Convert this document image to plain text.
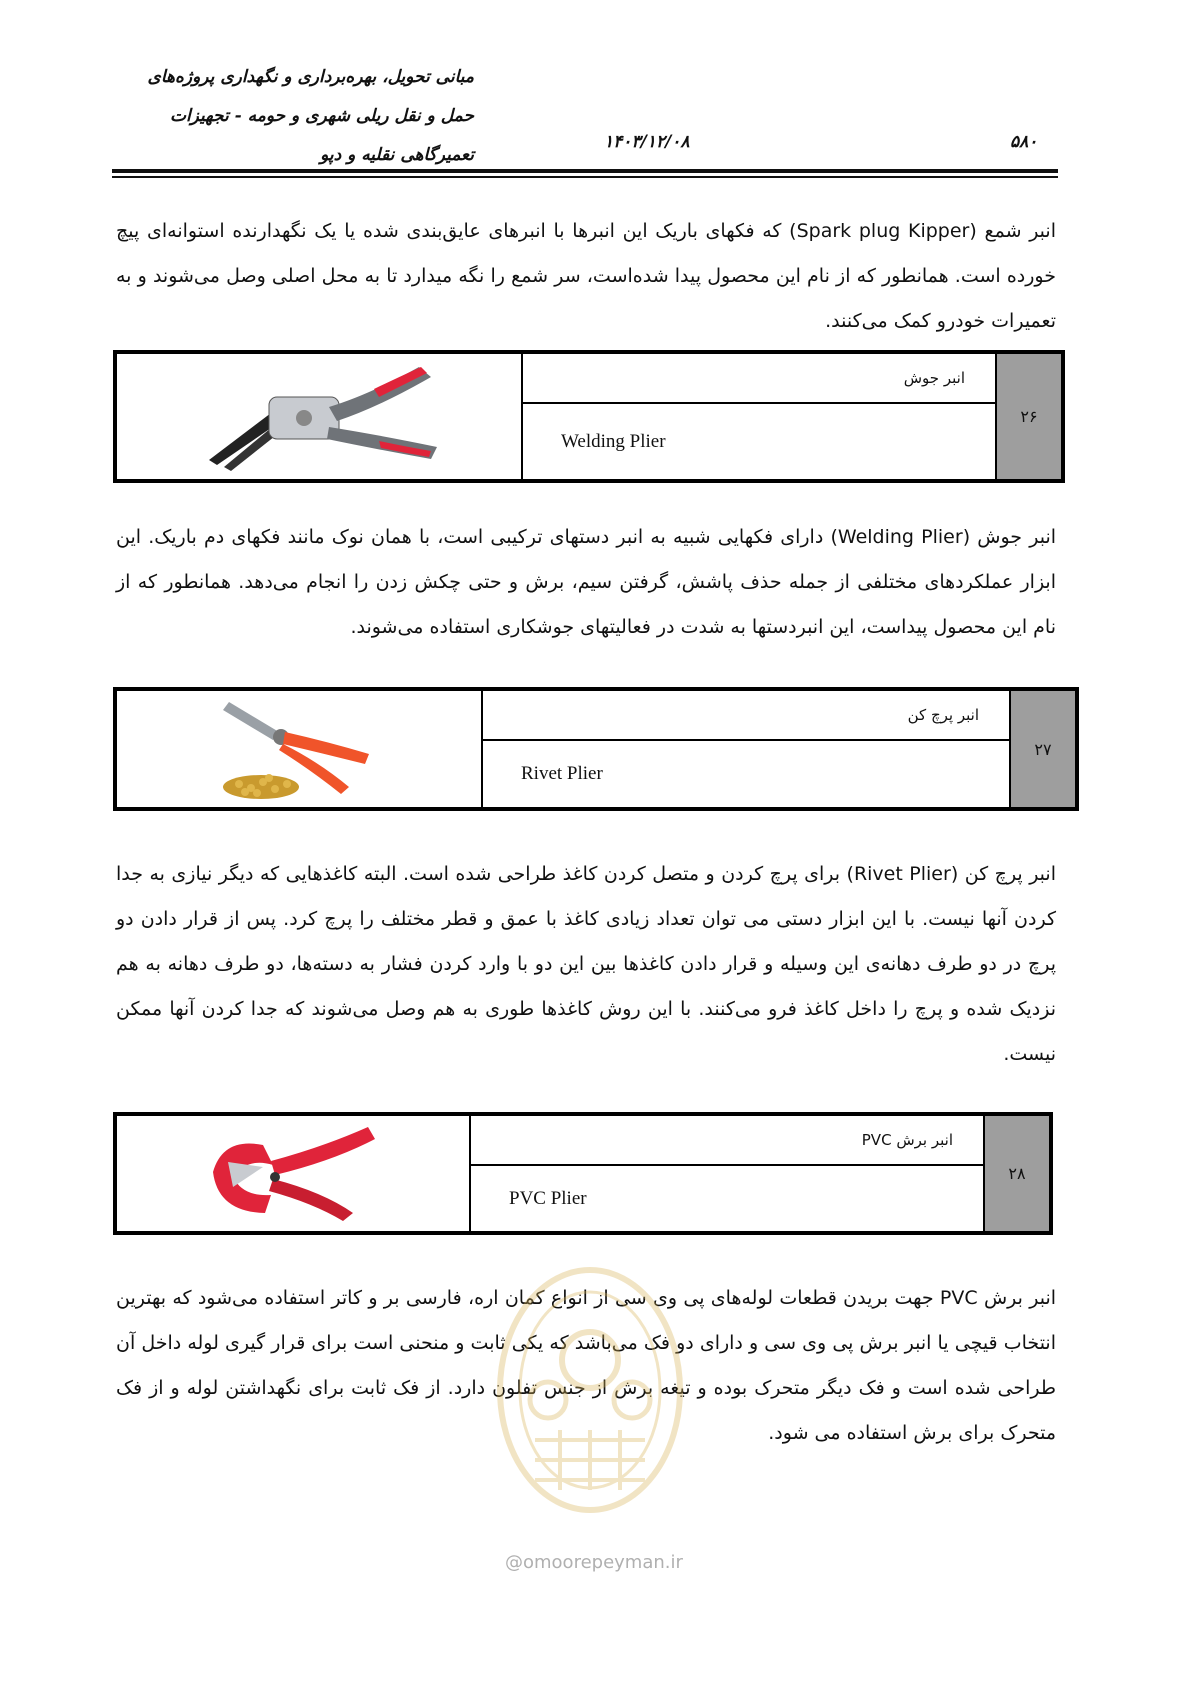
مبانی تحویل، بهره‌برداری و نگهداری پروژه‌های
حمل و نقل ریلی شهری و حومه - تجهیزات
تعمیرگاهی نقلیه و دپو
۱۴۰۳/۱۲/۰۸	۵۸۰

انبر شمع (Spark plug Kipper) که فکهای باریک این انبرها با انبرهای عایق‌بندی شده یا یک نگهدارنده استوانه‌ای پیچ خورده است. همانطور که از نام این محصول پیدا شده‌است، سر شمع را نگه میدارد تا به محل اصلی وصل می‌شوند و به تعمیرات خودرو کمک می‌کنند.

	انبر جوش	۲۶
Welding Plier

انبر جوش (Welding Plier) دارای فکهایی شبیه به انبر دستهای ترکیبی است، با همان نوک مانند فکهای دم باریک. این ابزار عملکردهای مختلفی از جمله حذف پاشش، گرفتن سیم، برش و حتی چکش زدن را انجام می‌دهد. همانطور که از نام این محصول پیداست، این انبردستها به شدت در فعالیتهای جوشکاری استفاده می‌شوند.

	انبر پرچ کن	۲۷
Rivet Plier

انبر پرچ کن (Rivet Plier) برای پرچ کردن و متصل کردن کاغذ طراحی شده است. البته کاغذهایی که دیگر نیازی به جدا کردن آنها نیست. با این ابزار دستی می توان تعداد زیادی کاغذ با عمق و قطر مختلف را پرچ کرد. پس از قرار دادن دو پرچ در دو طرف دهانه‌ی این وسیله و قرار دادن کاغذها بین این دو با وارد کردن فشار به دسته‌ها، دو طرف دهانه به هم نزدیک شده و پرچ را داخل کاغذ فرو می‌کنند. با این روش کاغذها طوری به هم وصل می‌شوند که جدا کردن آنها ممکن نیست.

	انبر برش PVC	۲۸
PVC Plier

انبر برش PVC جهت بریدن قطعات لوله‌های پی وی سی از انواع کمان اره، فارسی بر و کاتر استفاده می‌شود که بهترین انتخاب قیچی یا انبر برش پی وی سی و دارای دو فک می‌باشد که یکی ثابت و منحنی است برای قرار گیری لوله داخل آن طراحی شده است و فک دیگر متحرک بوده و تیغه برش از جنس تفلون دارد. از فک ثابت برای نگهداشتن لوله و از فک متحرک برای برش استفاده می شود.

@omoorepeyman.ir
